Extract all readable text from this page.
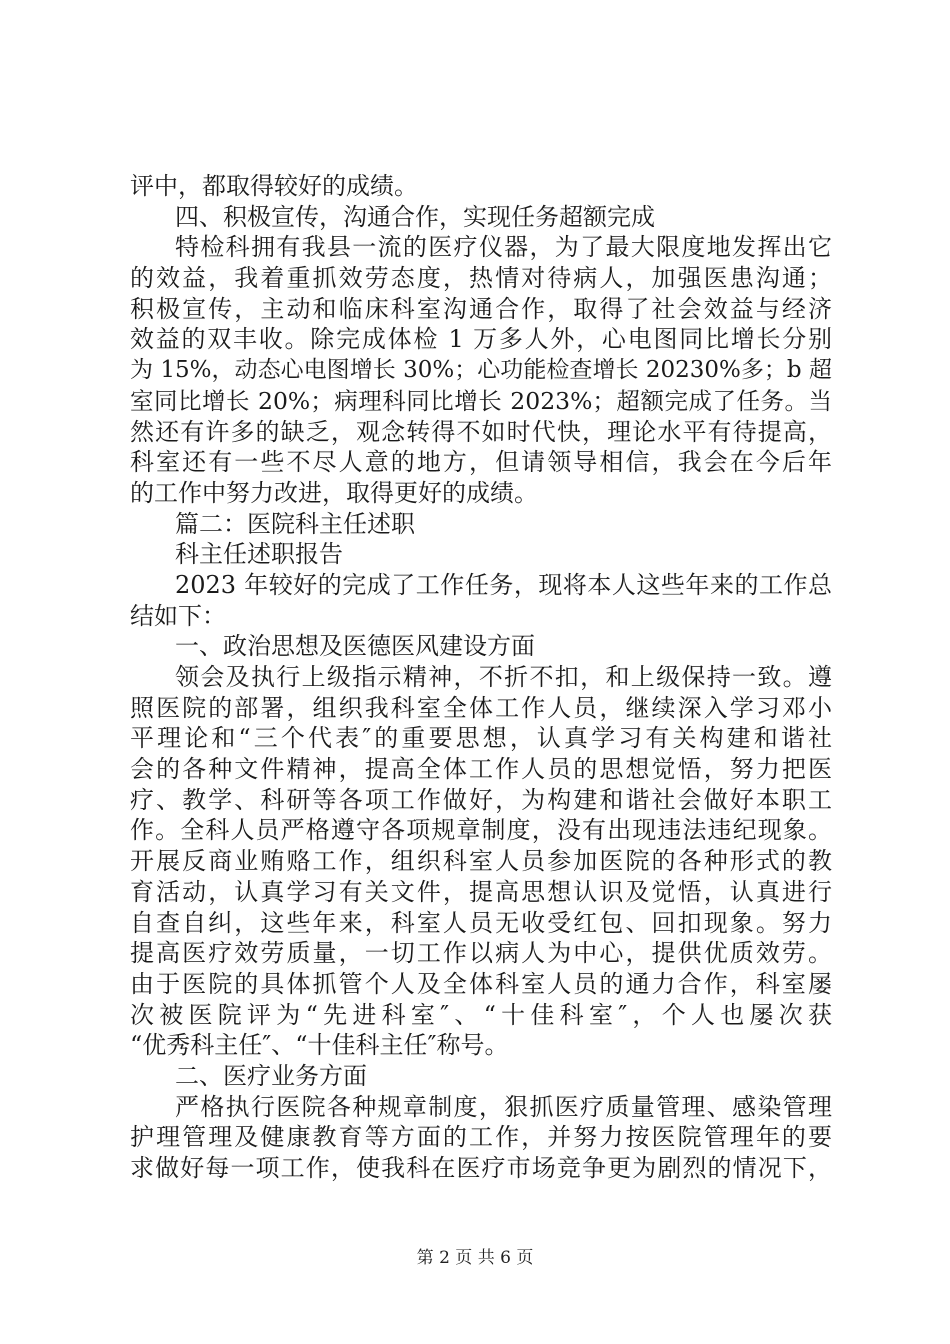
评中，都取得较好的成绩。
四、积极宣传，沟通合作，实现任务超额完成
特检科拥有我县一流的医疗仪器，为了最大限度地发挥出它
的效益，我着重抓效劳态度，热情对待病人，加强医患沟通；
积极宣传，主动和临床科室沟通合作，取得了社会效益与经济
效益的双丰收。除完成体检 1 万多人外，心电图同比增长分别
为 15%，动态心电图增长 30%；心功能检查增长 20230%多；b 超
室同比增长 20%；病理科同比增长 2023%；超额完成了任务。当
然还有许多的缺乏，观念转得不如时代快，理论水平有待提高，
科室还有一些不尽人意的地方，但请领导相信，我会在今后年
的工作中努力改进，取得更好的成绩。
篇二：医院科主任述职
科主任述职报告
2023 年较好的完成了工作任务，现将本人这些年来的工作总
结如下：
一、政治思想及医德医风建设方面
领会及执行上级指示精神，不折不扣，和上级保持一致。遵
照医院的部署，组织我科室全体工作人员，继续深入学习邓小
平理论和“三个代表″的重要思想，认真学习有关构建和谐社
会的各种文件精神，提高全体工作人员的思想觉悟，努力把医
疗、教学、科研等各项工作做好，为构建和谐社会做好本职工
作。全科人员严格遵守各项规章制度，没有出现违法违纪现象。
开展反商业贿赂工作，组织科室人员参加医院的各种形式的教
育活动，认真学习有关文件，提高思想认识及觉悟，认真进行
自查自纠，这些年来，科室人员无收受红包、回扣现象。努力
提高医疗效劳质量，一切工作以病人为中心，提供优质效劳。
由于医院的具体抓管个人及全体科室人员的通力合作，科室屡
次被医院评为“先进科室″、“十佳科室″，个人也屡次获
“优秀科主任″、“十佳科主任″称号。
二、医疗业务方面
严格执行医院各种规章制度，狠抓医疗质量管理、感染管理
护理管理及健康教育等方面的工作，并努力按医院管理年的要
求做好每一项工作，使我科在医疗市场竞争更为剧烈的情况下，
第 2 页 共 6 页
